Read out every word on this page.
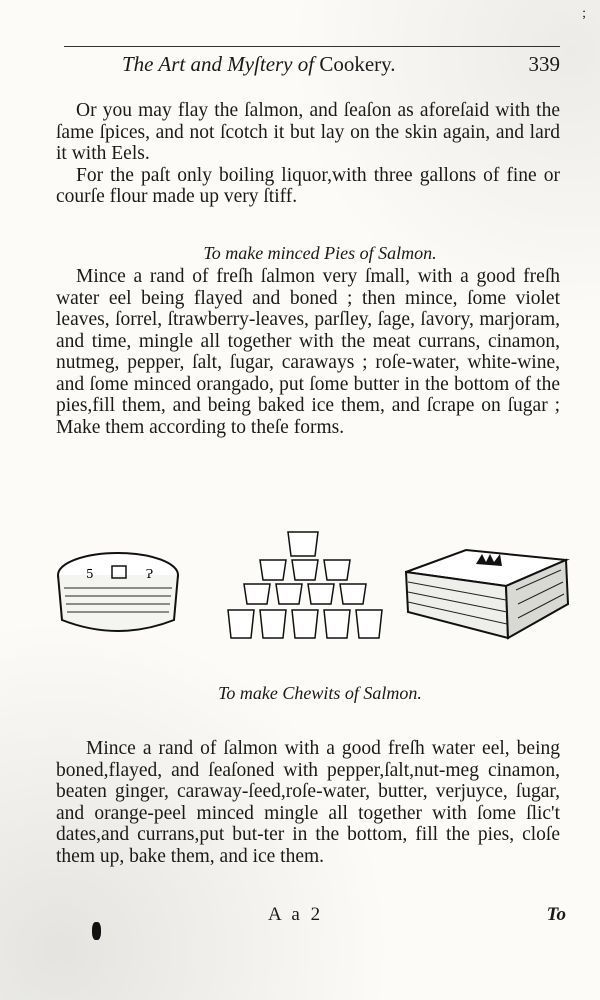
;
The Art and Myſtery of Cookery.	339

Or you may flay the ſalmon, and ſeaſon as aforeſaid with the ſame ſpices, and not ſcotch it but lay on the skin again, and lard it with Eels.

For the paſt only boiling liquor,with three gallons of fine or courſe flour made up very ſtiff.

To make minced Pies of Salmon.

Mince a rand of freſh ſalmon very ſmall, with a good freſh water eel being flayed and boned ; then mince, ſome violet leaves, ſorrel, ſtrawberry-leaves, parſley, ſage, ſavory, marjoram, and time, mingle all together with the meat currans, cinamon, nutmeg, pepper, ſalt, ſugar, caraways ; roſe-water, white-wine, and ſome minced orangado, put ſome butter in the bottom of the pies,fill them, and being baked ice them, and ſcrape on ſugar ; Make them according to theſe forms.

5	Ɂ
To make Chewits of Salmon.

Mince a rand of ſalmon with a good freſh water eel, being boned,flayed, and ſeaſoned with pepper,ſalt,nut-meg cinamon, beaten ginger, caraway-ſeed,roſe-water, butter, verjuyce, ſugar, and orange-peel minced mingle all together with ſome ſlic't dates,and currans,put but-ter in the bottom, fill the pies, cloſe them up, bake them, and ice them.

A a 2	To
